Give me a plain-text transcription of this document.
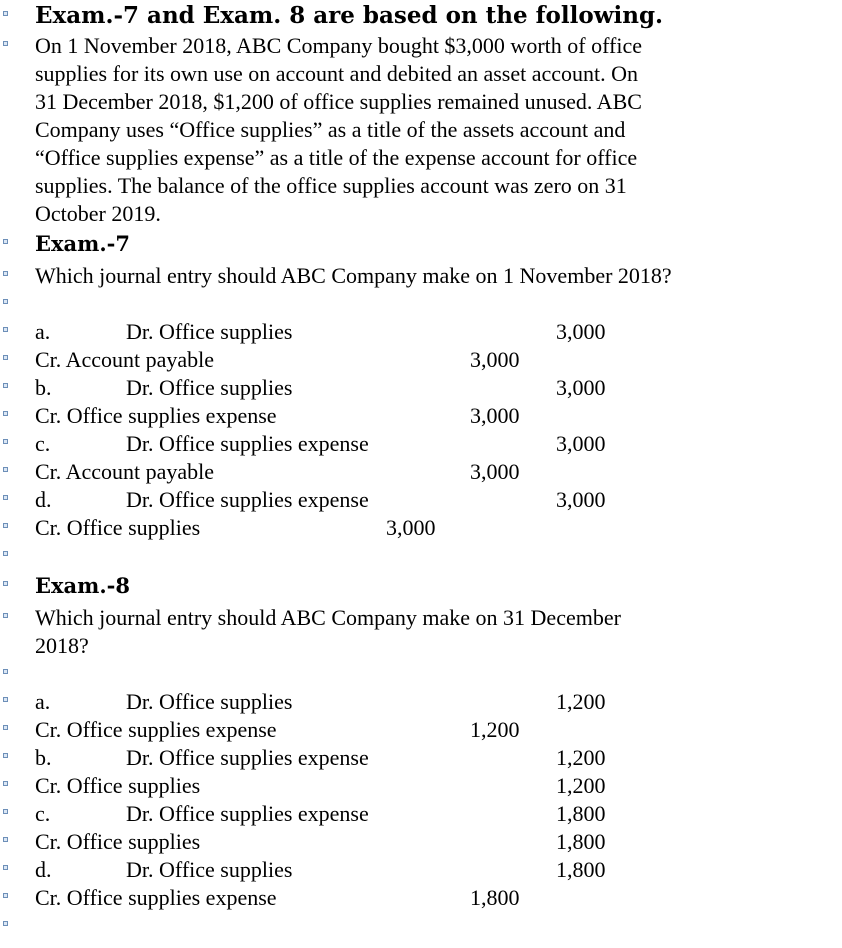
Exam.-7 and Exam. 8 are based on the following.
On 1 November 2018, ABC Company bought $3,000 worth of office
supplies for its own use on account and debited an asset account. On
31 December 2018, $1,200 of office supplies remained unused. ABC
Company uses “Office supplies” as a title of the assets account and
“Office supplies expense” as a title of the expense account for office
supplies. The balance of the office supplies account was zero on 31
October 2019.
Exam.-7
Which journal entry should ABC Company make on 1 November 2018?
a.	Dr. Office supplies	3,000
Cr. Account payable	3,000
b.	Dr. Office supplies	3,000
Cr. Office supplies expense	3,000
c.	Dr. Office supplies expense	3,000
Cr. Account payable	3,000
d.	Dr. Office supplies expense	3,000
Cr. Office supplies	3,000
Exam.-8
Which journal entry should ABC Company make on 31 December
2018?
a.	Dr. Office supplies	1,200
Cr. Office supplies expense	1,200
b.	Dr. Office supplies expense	1,200
Cr. Office supplies	1,200
c.	Dr. Office supplies expense	1,800
Cr. Office supplies	1,800
d.	Dr. Office supplies	1,800
Cr. Office supplies expense	1,800
